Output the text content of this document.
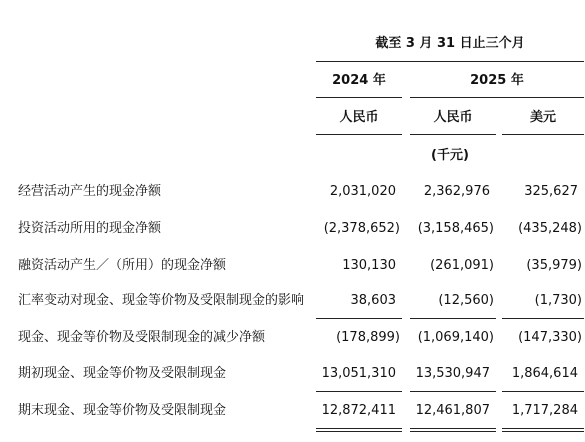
截至 3 月 31 日止三个月
2024 年	2025 年
人民币	人民币	美元
(千元)
经营活动产生的现金净额	2,031,020	2,362,976	325,627
投资活动所用的现金净额	(2,378,652)	(3,158,465)	(435,248)
融资活动产生／（所用）的现金净额	130,130	(261,091)	(35,979)
汇率变动对现金、现金等价物及受限制现金的影响	38,603	(12,560)	(1,730)
现金、现金等价物及受限制现金的减少净额	(178,899)	(1,069,140)	(147,330)
期初现金、现金等价物及受限制现金	13,051,310	13,530,947	1,864,614
期末现金、现金等价物及受限制现金	12,872,411	12,461,807	1,717,284
